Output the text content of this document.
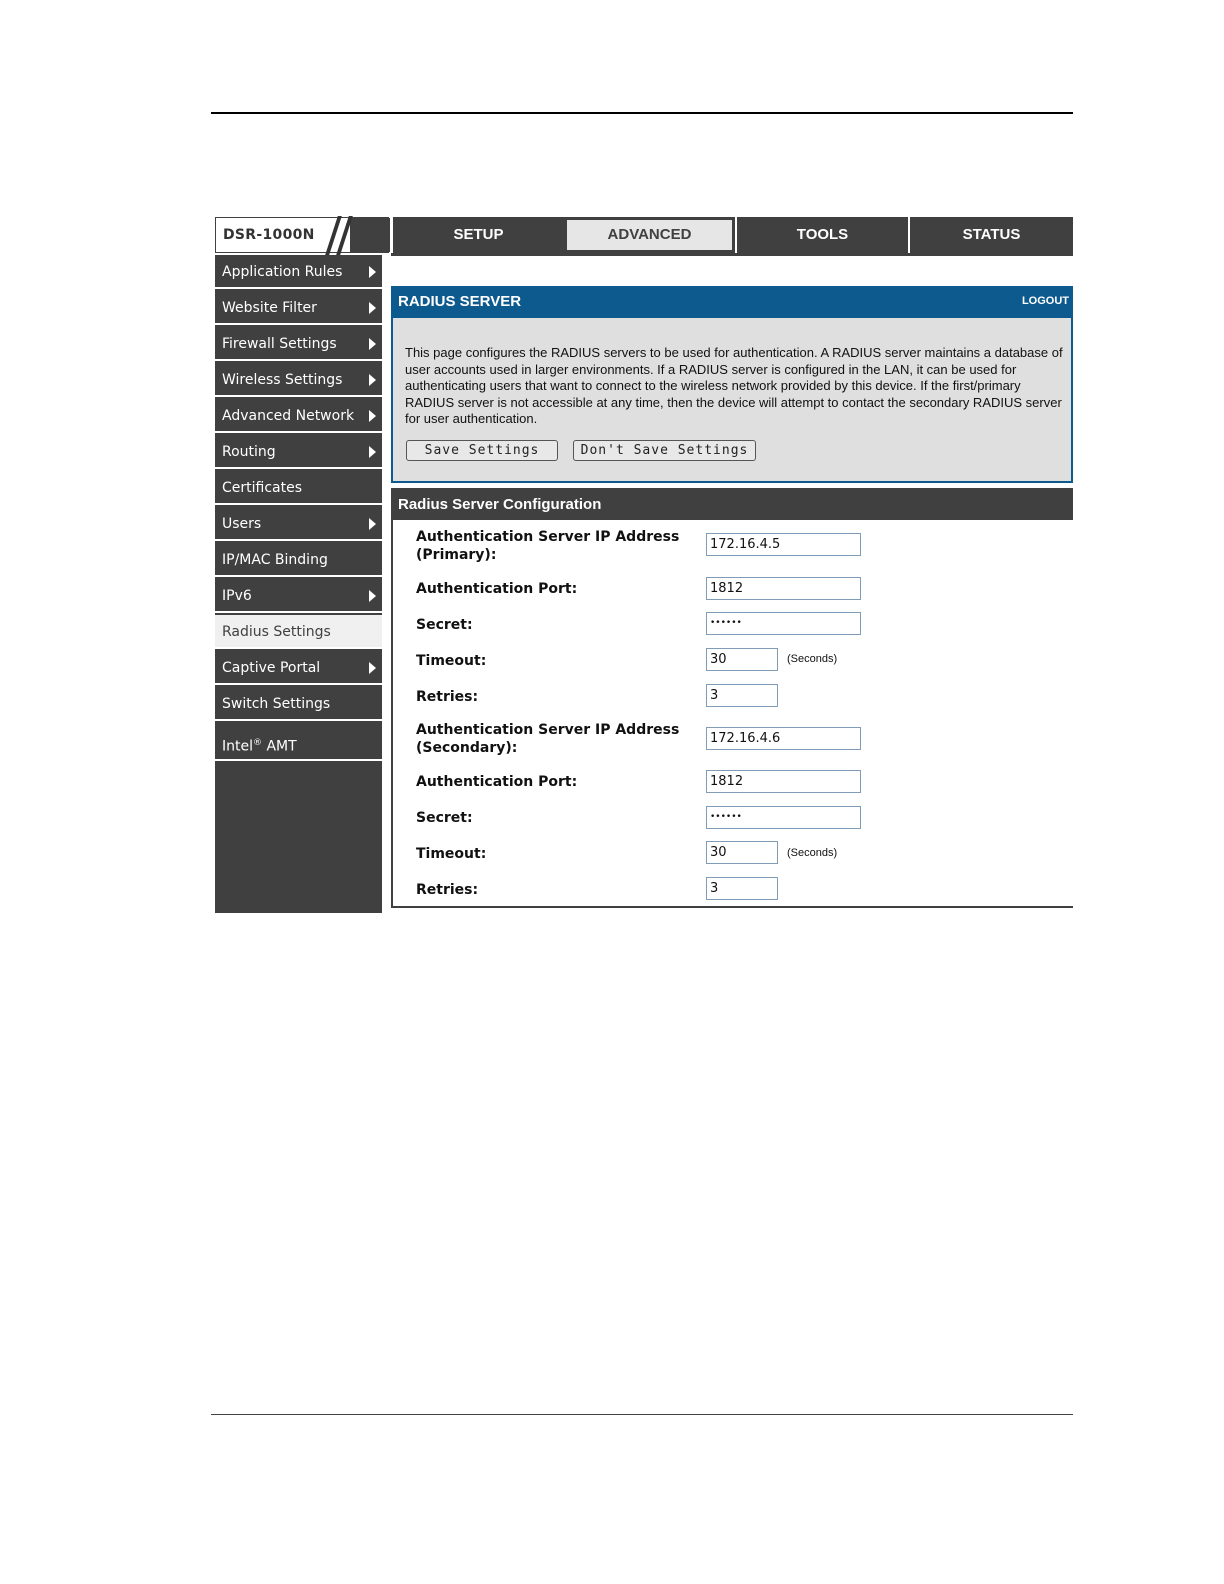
DSR-1000N	SETUP	ADVANCED	TOOLS	STATUS
Application Rules
Website Filter
Firewall Settings
Wireless Settings
Advanced Network
Routing
Certificates
Users
IP/MAC Binding
IPv6
Radius Settings
Captive Portal
Switch Settings
Intel® AMT
RADIUS SERVER	LOGOUT
This page configures the RADIUS servers to be used for authentication. A RADIUS server maintains a database of user accounts used in larger environments. If a RADIUS server is configured in the LAN, it can be used for authenticating users that want to connect to the wireless network provided by this device. If the first/primary RADIUS server is not accessible at any time, then the device will attempt to contact the secondary RADIUS server for user authentication.
Save Settings	Don't Save Settings
Radius Server Configuration
Authentication Server IP Address
(Primary):
172.16.4.5
Authentication Port:	1812
Secret:	••••••
Timeout:	30	(Seconds)
Retries:	3
Authentication Server IP Address
(Secondary):
172.16.4.6
Authentication Port:	1812
Secret:	••••••
Timeout:	30	(Seconds)
Retries:	3
